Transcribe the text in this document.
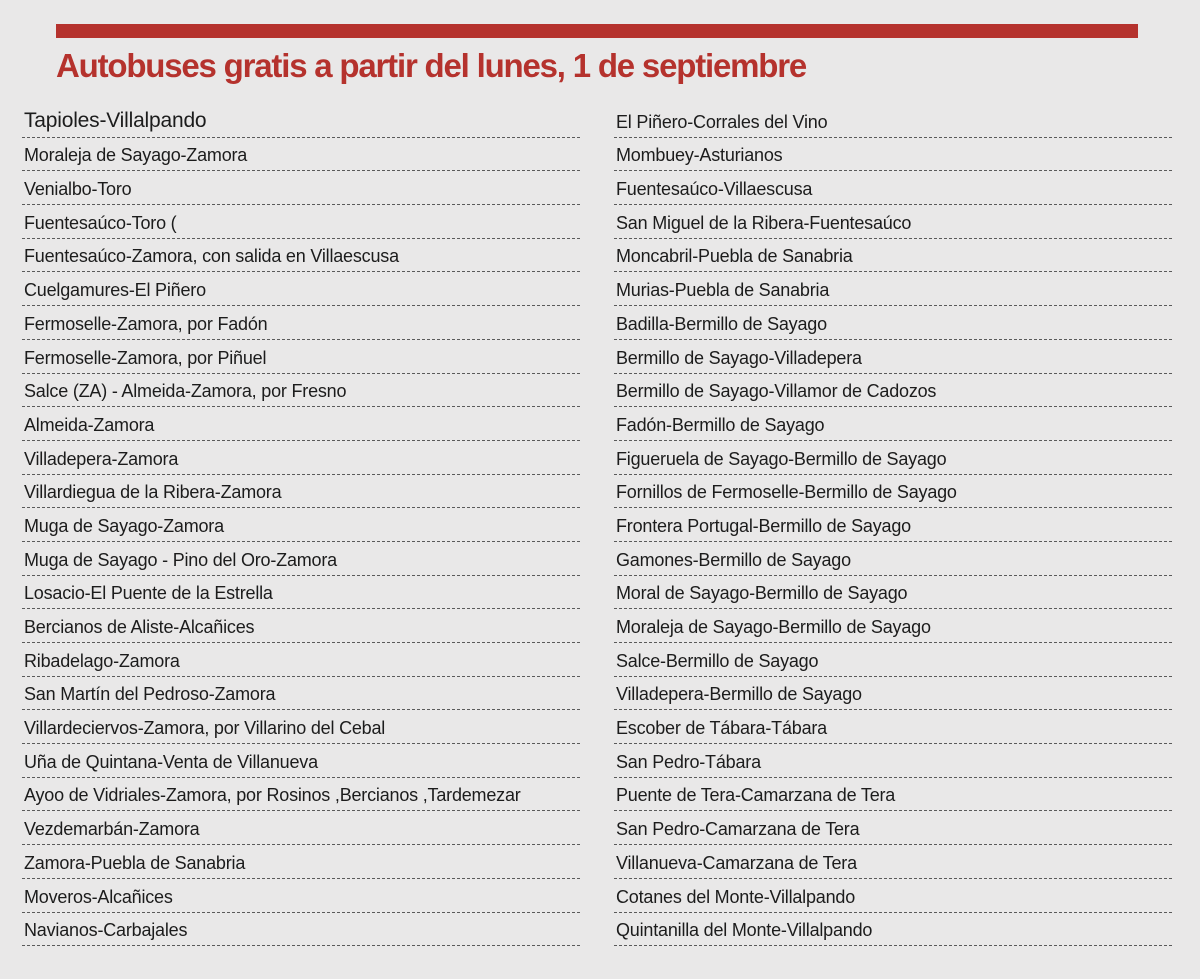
Autobuses gratis a partir del lunes, 1 de septiembre
Tapioles-Villalpando
Moraleja de Sayago-Zamora
Venialbo-Toro
Fuentesaúco-Toro (
Fuentesaúco-Zamora, con salida en Villaescusa
Cuelgamures-El Piñero
Fermoselle-Zamora, por Fadón
Fermoselle-Zamora, por Piñuel
Salce (ZA) - Almeida-Zamora, por Fresno
Almeida-Zamora
Villadepera-Zamora
Villardiegua de la Ribera-Zamora
Muga de Sayago-Zamora
Muga de Sayago - Pino del Oro-Zamora
Losacio-El Puente de la Estrella
Bercianos de Aliste-Alcañices
Ribadelago-Zamora
San Martín del Pedroso-Zamora
Villardeciervos-Zamora, por Villarino del Cebal
Uña de Quintana-Venta de Villanueva
Ayoo de Vidriales-Zamora, por Rosinos ,Bercianos ,Tardemezar
Vezdemarbán-Zamora
Zamora-Puebla de Sanabria
Moveros-Alcañices
Navianos-Carbajales
El Piñero-Corrales del Vino
Mombuey-Asturianos
Fuentesaúco-Villaescusa
San Miguel de la Ribera-Fuentesaúco
Moncabril-Puebla de Sanabria
Murias-Puebla de Sanabria
Badilla-Bermillo de Sayago
Bermillo de Sayago-Villadepera
Bermillo de Sayago-Villamor de Cadozos
Fadón-Bermillo de Sayago
Figueruela de Sayago-Bermillo de Sayago
Fornillos de Fermoselle-Bermillo de Sayago
Frontera Portugal-Bermillo de Sayago
Gamones-Bermillo de Sayago
Moral de Sayago-Bermillo de Sayago
Moraleja de Sayago-Bermillo de Sayago
Salce-Bermillo de Sayago
Villadepera-Bermillo de Sayago
Escober de Tábara-Tábara
San Pedro-Tábara
Puente de Tera-Camarzana de Tera
San Pedro-Camarzana de Tera
Villanueva-Camarzana de Tera
Cotanes del Monte-Villalpando
Quintanilla del Monte-Villalpando
